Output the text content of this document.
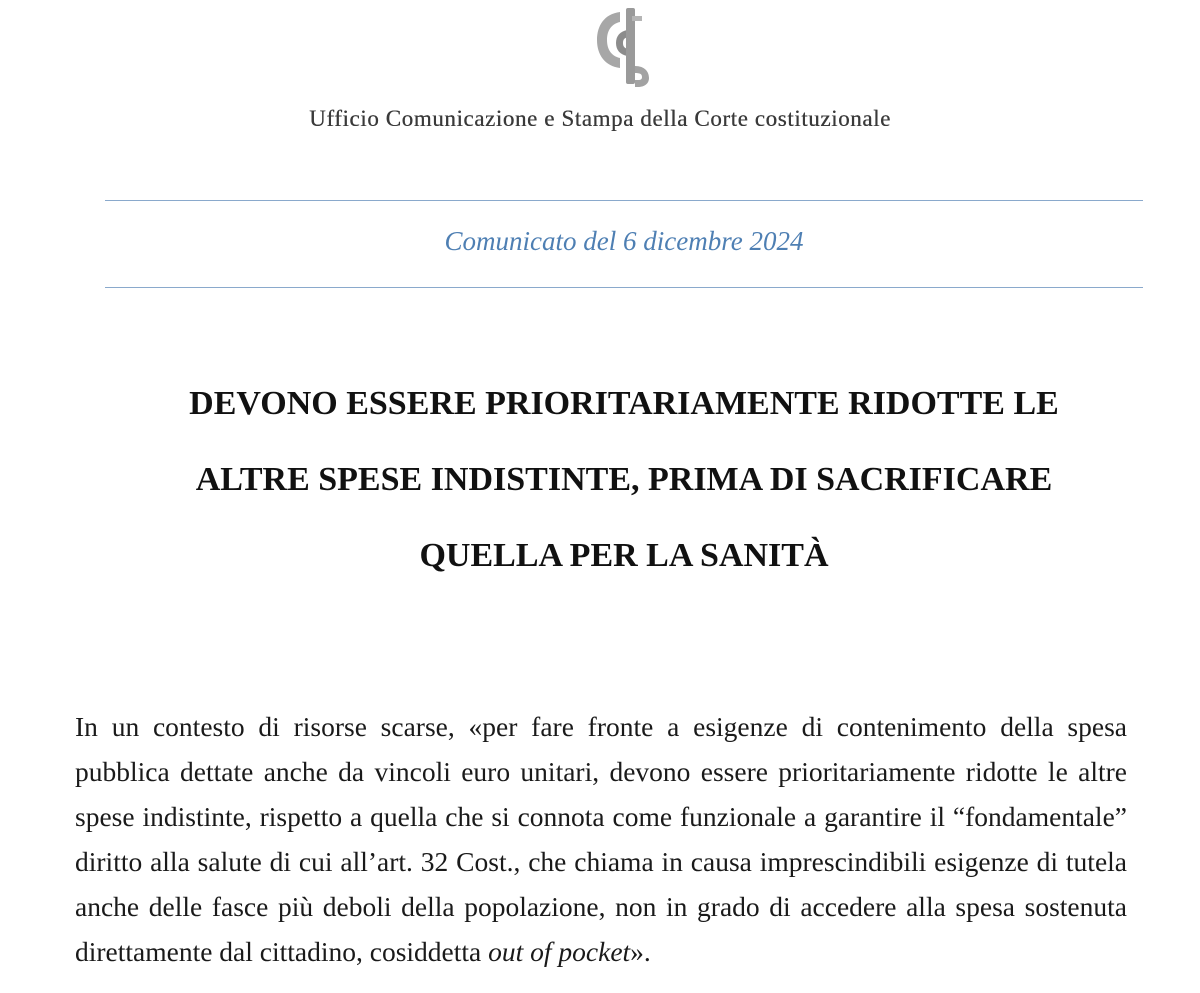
Ufficio Comunicazione e Stampa della Corte costituzionale
Comunicato del 6 dicembre 2024
DEVONO ESSERE PRIORITARIAMENTE RIDOTTE LE
ALTRE SPESE INDISTINTE, PRIMA DI SACRIFICARE
QUELLA PER LA SANITÀ

In un contesto di risorse scarse, «per fare fronte a esigenze di contenimento della spesa pubblica dettate anche da vincoli euro unitari, devono essere prioritariamente ridotte le altre spese indistinte, rispetto a quella che si connota come funzionale a garantire il “fondamentale” diritto alla salute di cui all’art. 32 Cost., che chiama in causa imprescindibili esigenze di tutela anche delle fasce più deboli della popolazione, non in grado di accedere alla spesa sostenuta direttamente dal cittadino, cosiddetta out of pocket».
